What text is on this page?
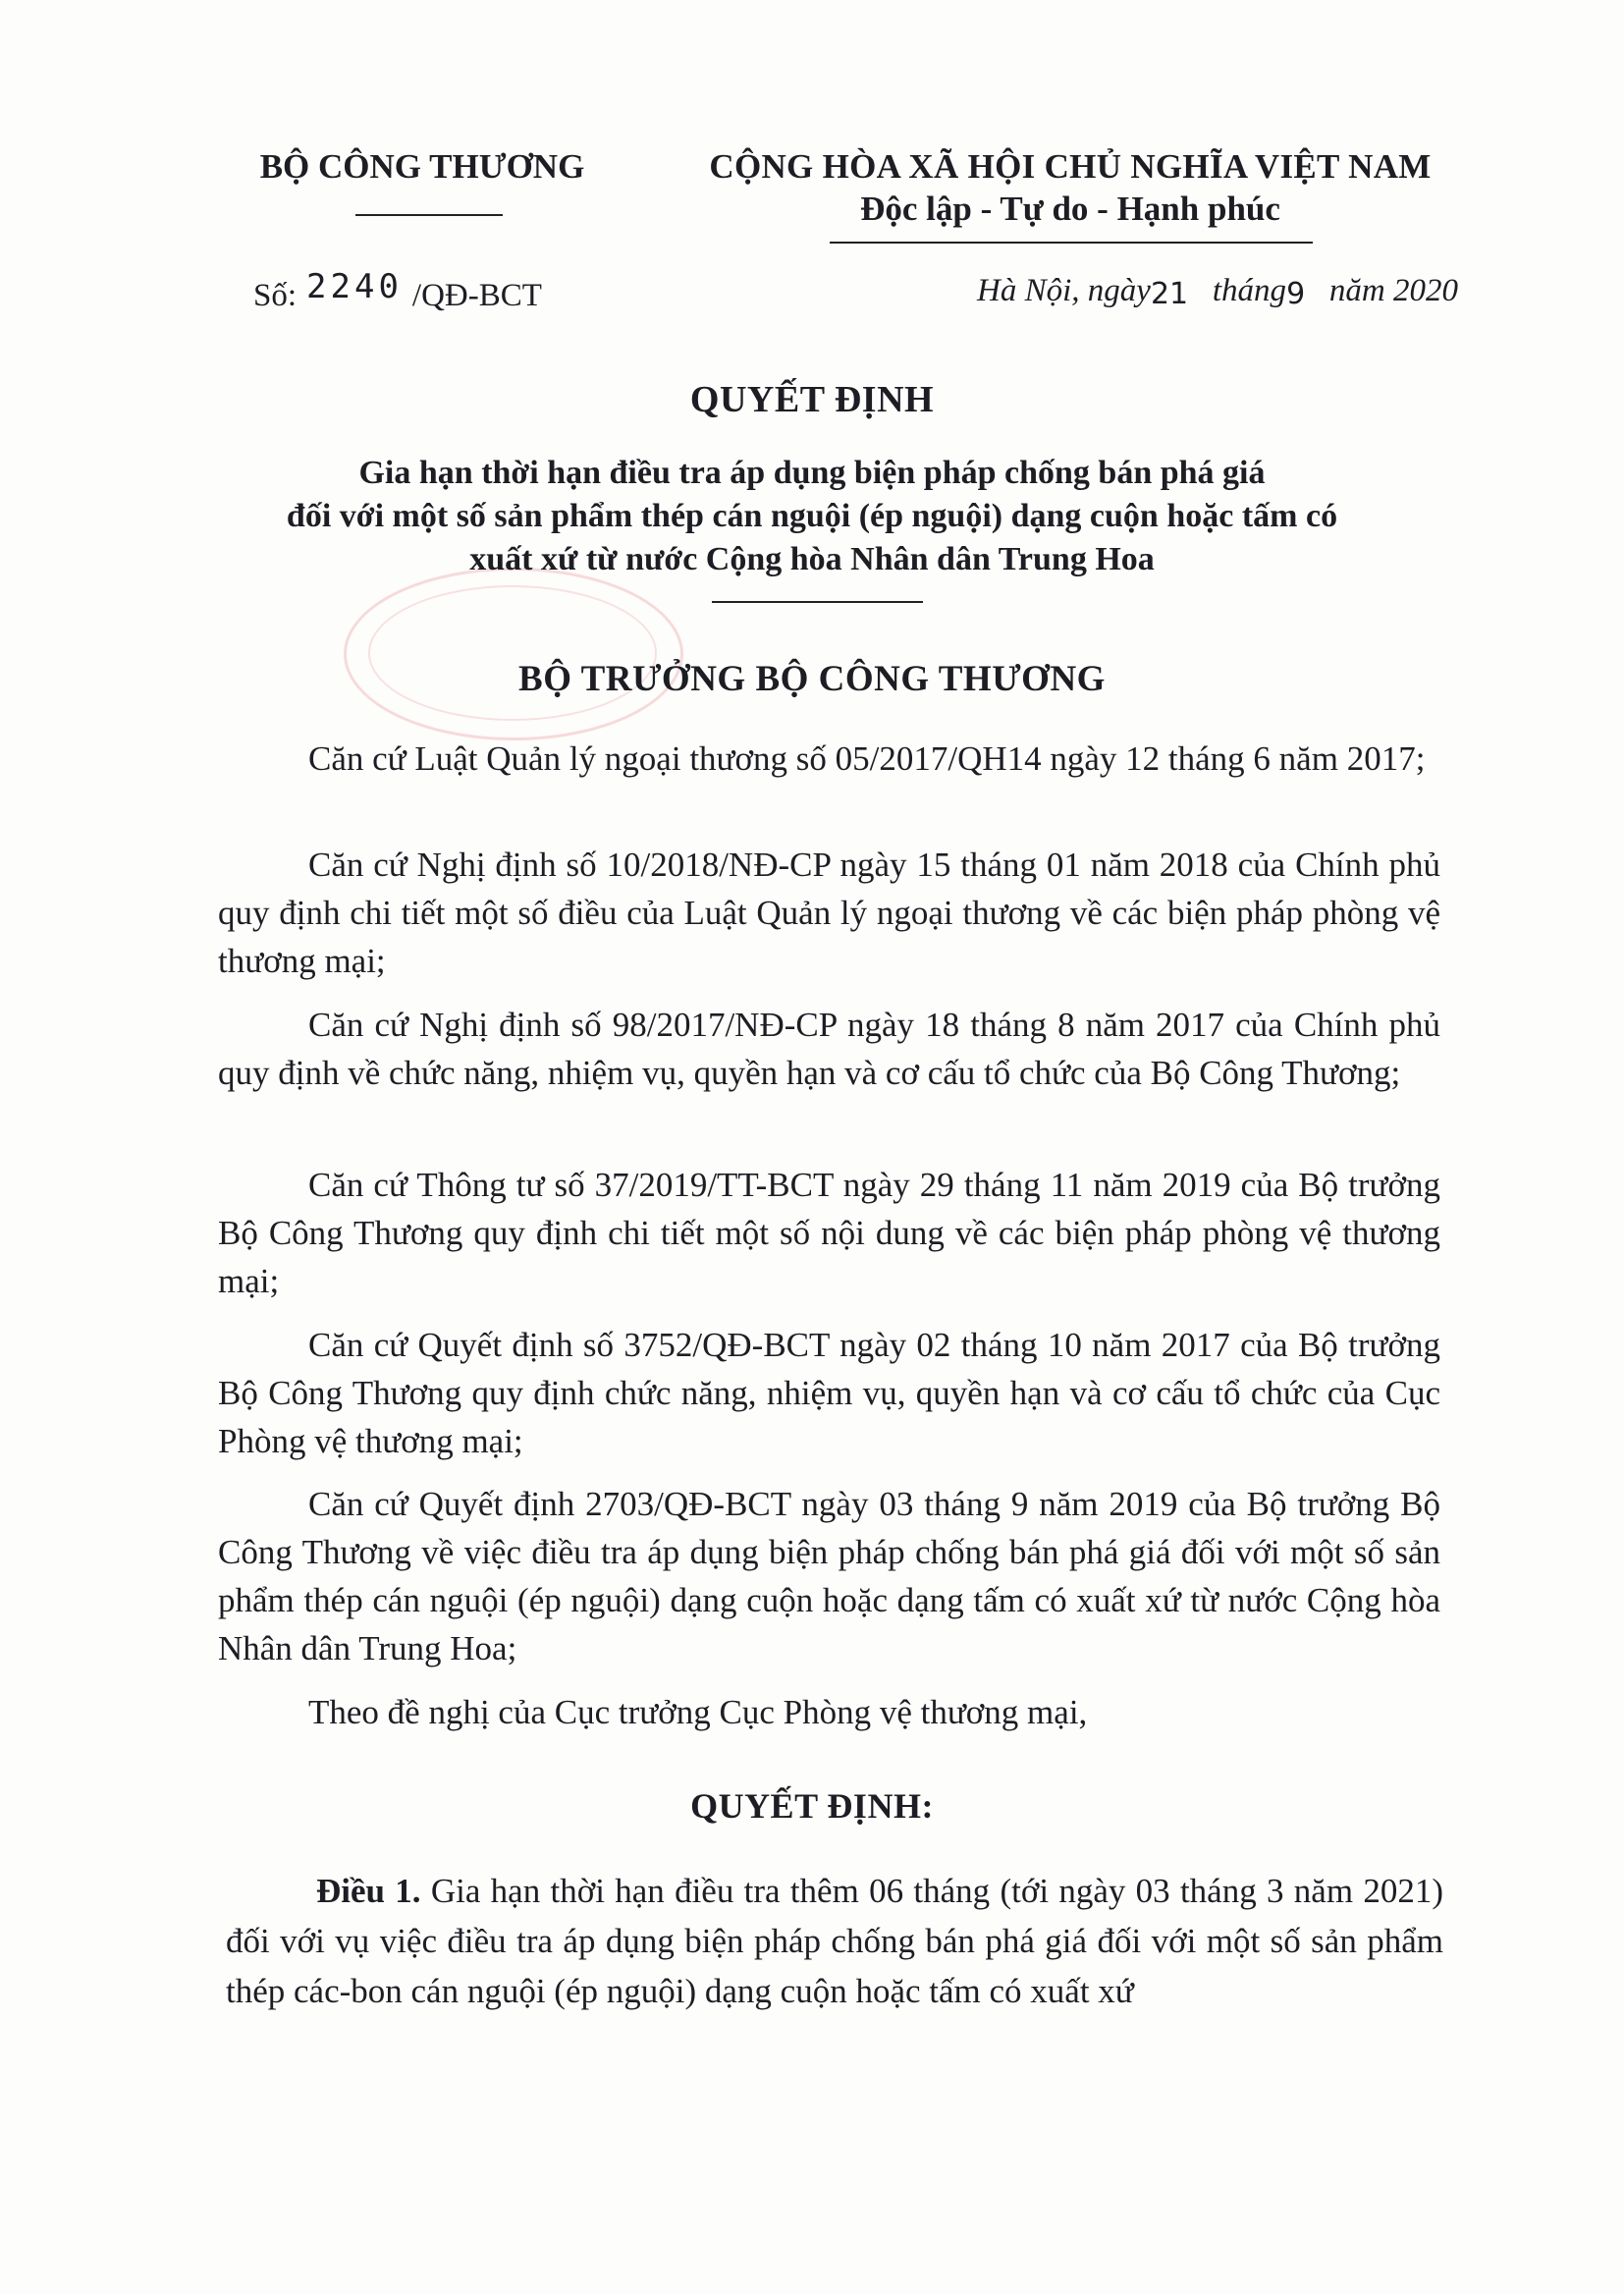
BỘ CÔNG THƯƠNG	CỘNG HÒA XÃ HỘI CHỦ NGHĨA VIỆT NAM
Độc lập - Tự do - Hạnh phúc
Số: 2240 /QĐ-BCT	Hà Nội, ngày21 tháng9 năm 2020
QUYẾT ĐỊNH
Gia hạn thời hạn điều tra áp dụng biện pháp chống bán phá giá
đối với một số sản phẩm thép cán nguội (ép nguội) dạng cuộn hoặc tấm có
xuất xứ từ nước Cộng hòa Nhân dân Trung Hoa
BỘ TRƯỞNG BỘ CÔNG THƯƠNG
Căn cứ Luật Quản lý ngoại thương số 05/2017/QH14 ngày 12 tháng 6 năm 2017;
Căn cứ Nghị định số 10/2018/NĐ-CP ngày 15 tháng 01 năm 2018 của Chính phủ quy định chi tiết một số điều của Luật Quản lý ngoại thương về các biện pháp phòng vệ thương mại;
Căn cứ Nghị định số 98/2017/NĐ-CP ngày 18 tháng 8 năm 2017 của Chính phủ quy định về chức năng, nhiệm vụ, quyền hạn và cơ cấu tổ chức của Bộ Công Thương;
Căn cứ Thông tư số 37/2019/TT-BCT ngày 29 tháng 11 năm 2019 của Bộ trưởng Bộ Công Thương quy định chi tiết một số nội dung về các biện pháp phòng vệ thương mại;
Căn cứ Quyết định số 3752/QĐ-BCT ngày 02 tháng 10 năm 2017 của Bộ trưởng Bộ Công Thương quy định chức năng, nhiệm vụ, quyền hạn và cơ cấu tổ chức của Cục Phòng vệ thương mại;
Căn cứ Quyết định 2703/QĐ-BCT ngày 03 tháng 9 năm 2019 của Bộ trưởng Bộ Công Thương về việc điều tra áp dụng biện pháp chống bán phá giá đối với một số sản phẩm thép cán nguội (ép nguội) dạng cuộn hoặc dạng tấm có xuất xứ từ nước Cộng hòa Nhân dân Trung Hoa;
Theo đề nghị của Cục trưởng Cục Phòng vệ thương mại,
QUYẾT ĐỊNH:
Điều 1. Gia hạn thời hạn điều tra thêm 06 tháng (tới ngày 03 tháng 3 năm 2021) đối với vụ việc điều tra áp dụng biện pháp chống bán phá giá đối với một số sản phẩm thép các-bon cán nguội (ép nguội) dạng cuộn hoặc tấm có xuất xứ
